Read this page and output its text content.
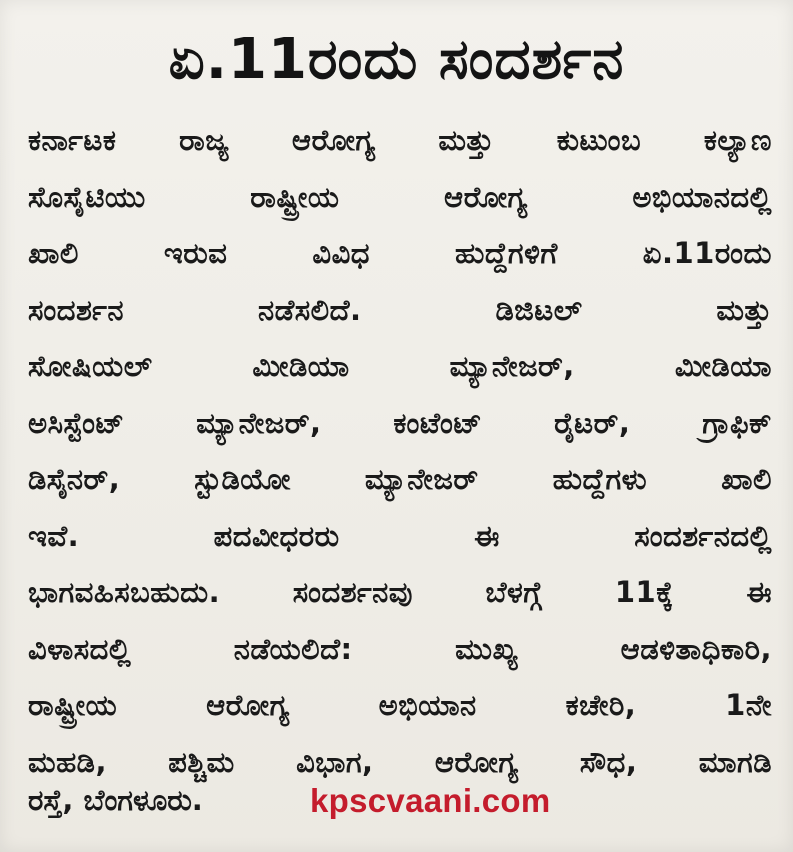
ಏ.11ರಂದು ಸಂದರ್ಶನ
ಕರ್ನಾಟಕ ರಾಜ್ಯ ಆರೋಗ್ಯ ಮತ್ತು ಕುಟುಂಬ ಕಲ್ಯಾಣ
ಸೊಸೈಟಿಯು ರಾಷ್ಟ್ರೀಯ ಆರೋಗ್ಯ ಅಭಿಯಾನದಲ್ಲಿ
ಖಾಲಿ ಇರುವ ವಿವಿಧ ಹುದ್ದೆಗಳಿಗೆ ಏ.11ರಂದು
ಸಂದರ್ಶನ ನಡೆಸಲಿದೆ. ಡಿಜಿಟಲ್ ಮತ್ತು
ಸೋಷಿಯಲ್ ಮೀಡಿಯಾ ಮ್ಯಾನೇಜರ್, ಮೀಡಿಯಾ
ಅಸಿಸ್ಟೆಂಟ್ ಮ್ಯಾನೇಜರ್, ಕಂಟೆಂಟ್ ರೈಟರ್, ಗ್ರಾಫಿಕ್
ಡಿಸೈನರ್, ಸ್ಟುಡಿಯೋ ಮ್ಯಾನೇಜರ್ ಹುದ್ದೆಗಳು ಖಾಲಿ
ಇವೆ. ಪದವೀಧರರು ಈ ಸಂದರ್ಶನದಲ್ಲಿ
ಭಾಗವಹಿಸಬಹುದು. ಸಂದರ್ಶನವು ಬೆಳಗ್ಗೆ 11ಕ್ಕೆ ಈ
ವಿಳಾಸದಲ್ಲಿ ನಡೆಯಲಿದೆ: ಮುಖ್ಯ ಆಡಳಿತಾಧಿಕಾರಿ,
ರಾಷ್ಟ್ರೀಯ ಆರೋಗ್ಯ ಅಭಿಯಾನ ಕಚೇರಿ, 1ನೇ
ಮಹಡಿ, ಪಶ್ಚಿಮ ವಿಭಾಗ, ಆರೋಗ್ಯ ಸೌಧ, ಮಾಗಡಿ
ರಸ್ತೆ, ಬೆಂಗಳೂರು.	kpscvaani.com
